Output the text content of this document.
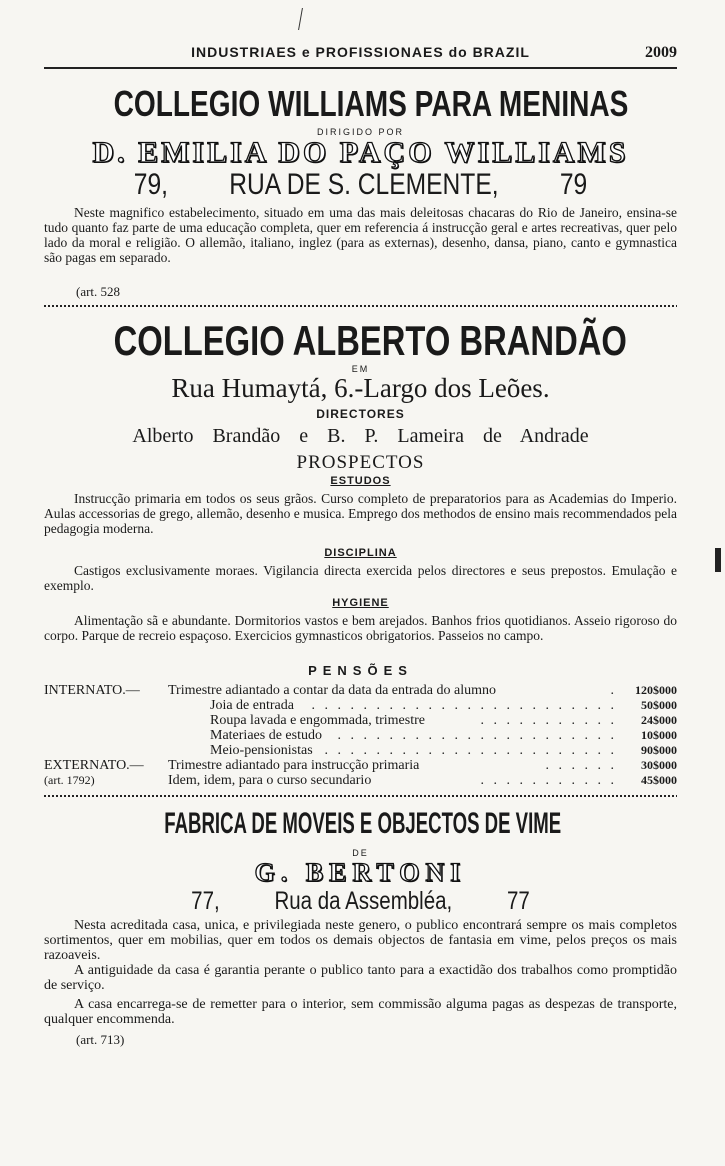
INDUSTRIAES e PROFISSIONAES do BRAZIL	2009
COLLEGIO WILLIAMS PARA MENINAS
DIRIGIDO POR
D. EMILIA DO PAÇO WILLIAMS
79, RUA DE S. CLEMENTE, 79
Neste magnifico estabelecimento, situado em uma das mais deleitosas chacaras do Rio de Janeiro, ensina-se tudo quanto faz parte de uma educação completa, quer em referencia á instrucção geral e artes recreativas, quer pelo lado da moral e religião. O allemão, italiano, inglez (para as externas), desenho, dansa, piano, canto e gymnastica são pagas em separado.
(art. 528
COLLEGIO ALBERTO BRANDÃO
EM
Rua Humaytá, 6.-Largo dos Leões.
DIRECTORES
Alberto Brandão e B. P. Lameira de Andrade
PROSPECTOS
ESTUDOS
Instrucção primaria em todos os seus grãos. Curso completo de preparatorios para as Academias do Imperio. Aulas accessorias de grego, allemão, desenho e musica. Emprego dos methodos de ensino mais recommendados pela pedagogia moderna.
DISCIPLINA
Castigos exclusivamente moraes. Vigilancia directa exercida pelos directores e seus prepostos. Emulação e exemplo.
HYGIENE
Alimentação sã e abundante. Dormitorios vastos e bem arejados. Banhos frios quotidianos. Asseio rigoroso do corpo. Parque de recreio espaçoso. Exercicios gymnasticos obrigatorios. Passeios no campo.
PENSÕES
INTERNATO.— Trimestre adiantado a contar da data da entrada do alumno	. 120$000
Joia de entrada . . . . . . . . . . . . . . . . . . . . . . . . 50$000
Roupa lavada e engommada, trimestre	. . . . . . . . . . . 24$000
Materiaes de estudo . . . . . . . . . . . . . . . . . . . . . . 10$000
Meio-pensionistas . . . . . . . . . . . . . . . . . . . . . . . 90$000
EXTERNATO.— Trimestre adiantado para instrucção primaria	. . . . . . 30$000
(art. 1792)	Idem, idem, para o curso secundario	. . . . . . . . . . . 45$000
FABRICA DE MOVEIS E OBJECTOS DE VIME
DE
G. BERTONI
77, Rua da Assembléa, 77
Nesta acreditada casa, unica, e privilegiada neste genero, o publico encontrará sempre os mais completos sortimentos, quer em mobilias, quer em todos os demais objectos de fantasia em vime, pelos preços os mais razoaveis.
A antiguidade da casa é garantia perante o publico tanto para a exactidão dos trabalhos como promptidão de serviço.
A casa encarrega-se de remetter para o interior, sem commissão alguma pagas as despezas de transporte, qualquer encommenda.
(art. 713)
